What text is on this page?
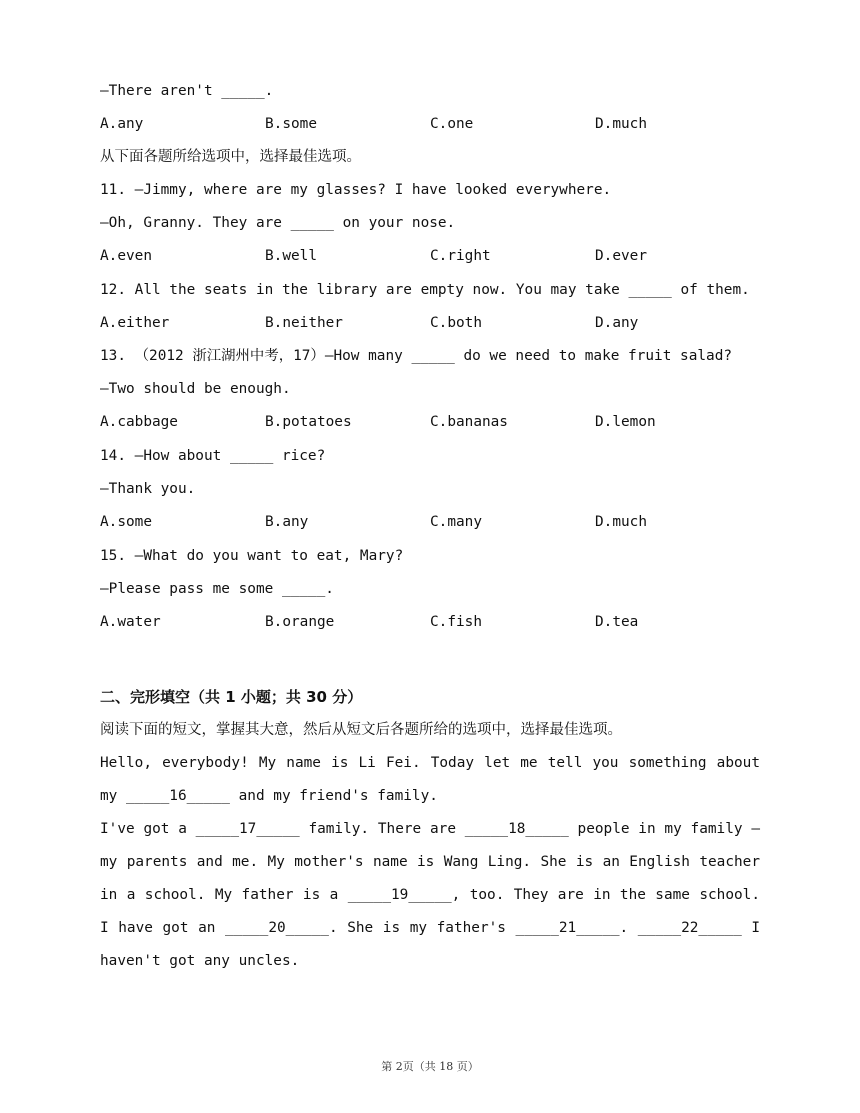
—There aren't _____.
A.any	B.some	C.one	D.much
从下面各题所给选项中，选择最佳选项。
11. —Jimmy, where are my glasses? I have looked everywhere.
—Oh, Granny. They are _____ on your nose.
A.even	B.well	C.right	D.ever
12. All the seats in the library are empty now. You may take _____ of them.
A.either	B.neither	C.both	D.any
13. （2012 浙江湖州中考，17）—How many _____ do we need to make fruit salad?
—Two should be enough.
A.cabbage	B.potatoes	C.bananas	D.lemon
14. —How about _____ rice?
—Thank you.
A.some	B.any	C.many	D.much
15. —What do you want to eat, Mary?
—Please pass me some _____.
A.water	B.orange	C.fish	D.tea
二、完形填空（共 1 小题；共 30 分）
阅读下面的短文，掌握其大意，然后从短文后各题所给的选项中，选择最佳选项。
Hello, everybody! My name is Li Fei. Today let me tell you something about my _____16_____ and my friend's family.
I've got a _____17_____ family. There are _____18_____ people in my family — my parents and me. My mother's name is Wang Ling. She is an English teacher in a school. My father is a _____19_____, too. They are in the same school. I have got an _____20_____. She is my father's _____21_____. _____22_____ I haven't got any uncles.
第 2页（共 18 页）
